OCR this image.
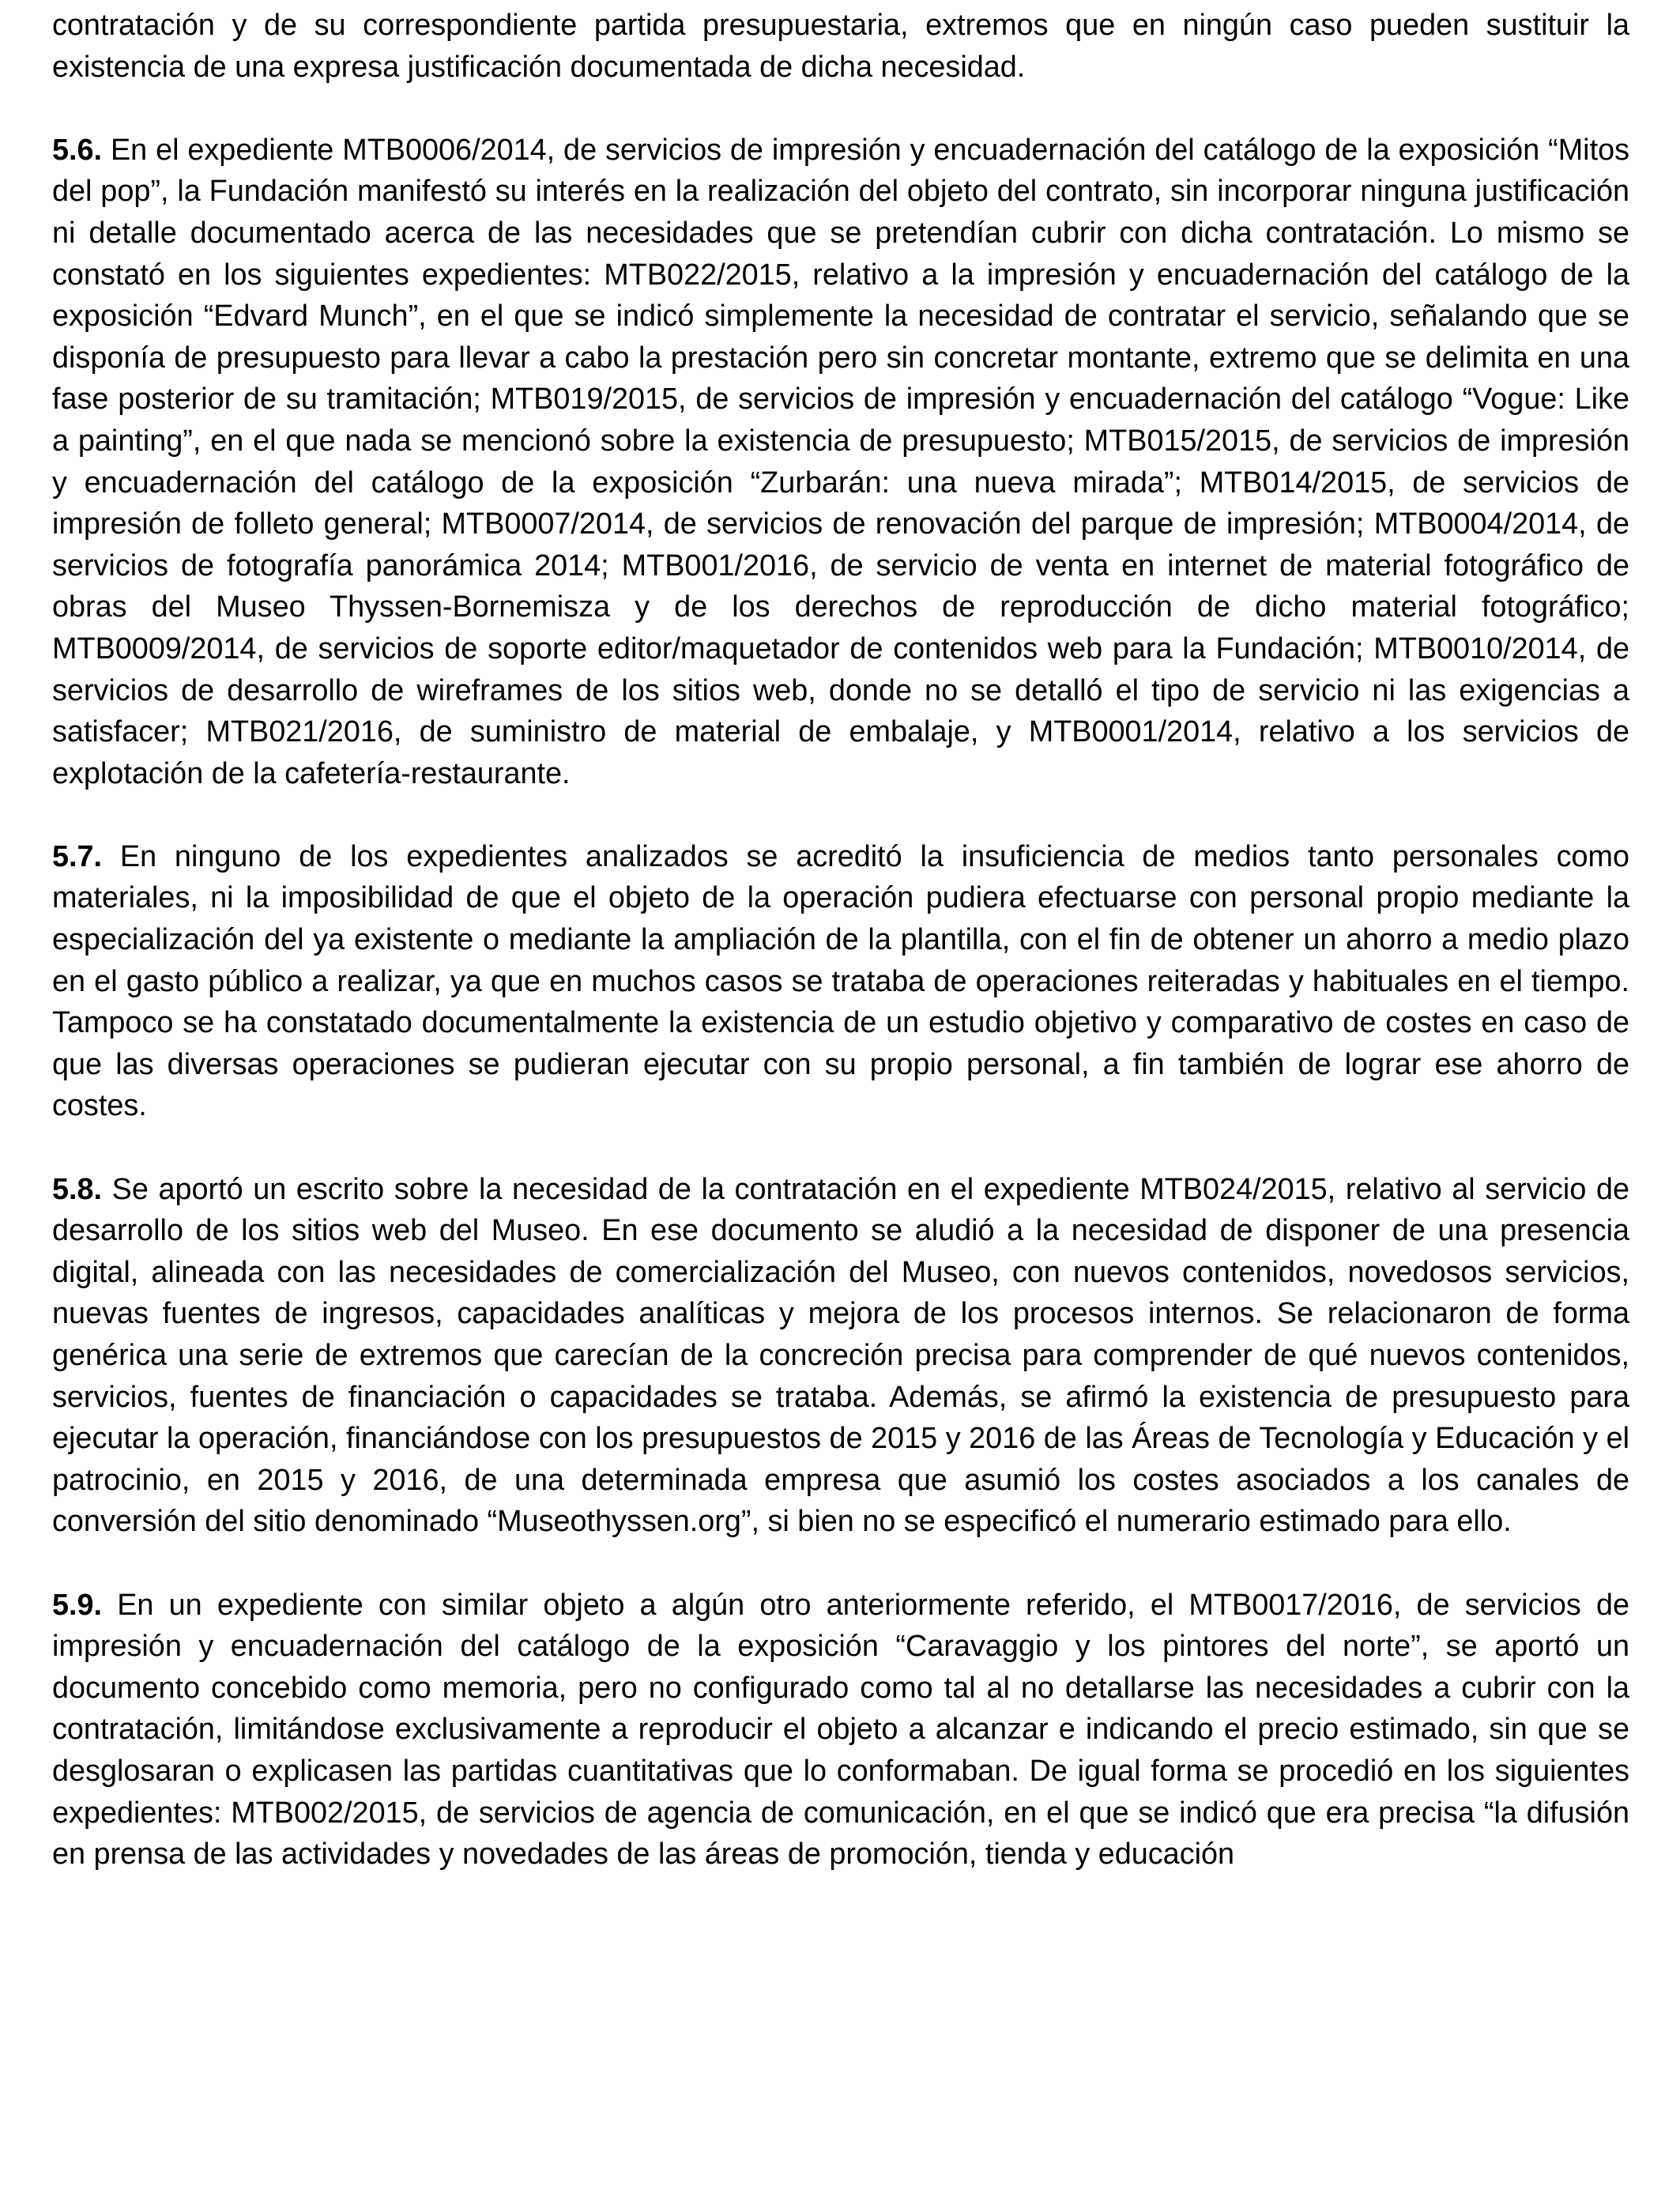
contratación y de su correspondiente partida presupuestaria, extremos que en ningún caso pueden sustituir la existencia de una expresa justificación documentada de dicha necesidad.

5.6. En el expediente MTB0006/2014, de servicios de impresión y encuadernación del catálogo de la exposición “Mitos del pop”, la Fundación manifestó su interés en la realización del objeto del contrato, sin incorporar ninguna justificación ni detalle documentado acerca de las necesidades que se pretendían cubrir con dicha contratación. Lo mismo se constató en los siguientes expedientes: MTB022/2015, relativo a la impresión y encuadernación del catálogo de la exposición “Edvard Munch”, en el que se indicó simplemente la necesidad de contratar el servicio, señalando que se disponía de presupuesto para llevar a cabo la prestación pero sin concretar montante, extremo que se delimita en una fase posterior de su tramitación; MTB019/2015, de servicios de impresión y encuadernación del catálogo “Vogue: Like a painting”, en el que nada se mencionó sobre la existencia de presupuesto; MTB015/2015, de servicios de impresión y encuadernación del catálogo de la exposición “Zurbarán: una nueva mirada”; MTB014/2015, de servicios de impresión de folleto general; MTB0007/2014, de servicios de renovación del parque de impresión; MTB0004/2014, de servicios de fotografía panorámica 2014; MTB001/2016, de servicio de venta en internet de material fotográfico de obras del Museo Thyssen-Bornemisza y de los derechos de reproducción de dicho material fotográfico; MTB0009/2014, de servicios de soporte editor/maquetador de contenidos web para la Fundación; MTB0010/2014, de servicios de desarrollo de wireframes de los sitios web, donde no se detalló el tipo de servicio ni las exigencias a satisfacer; MTB021/2016, de suministro de material de embalaje, y MTB0001/2014, relativo a los servicios de explotación de la cafetería-restaurante.

5.7. En ninguno de los expedientes analizados se acreditó la insuficiencia de medios tanto personales como materiales, ni la imposibilidad de que el objeto de la operación pudiera efectuarse con personal propio mediante la especialización del ya existente o mediante la ampliación de la plantilla, con el fin de obtener un ahorro a medio plazo en el gasto público a realizar, ya que en muchos casos se trataba de operaciones reiteradas y habituales en el tiempo. Tampoco se ha constatado documentalmente la existencia de un estudio objetivo y comparativo de costes en caso de que las diversas operaciones se pudieran ejecutar con su propio personal, a fin también de lograr ese ahorro de costes.

5.8. Se aportó un escrito sobre la necesidad de la contratación en el expediente MTB024/2015, relativo al servicio de desarrollo de los sitios web del Museo. En ese documento se aludió a la necesidad de disponer de una presencia digital, alineada con las necesidades de comercialización del Museo, con nuevos contenidos, novedosos servicios, nuevas fuentes de ingresos, capacidades analíticas y mejora de los procesos internos. Se relacionaron de forma genérica una serie de extremos que carecían de la concreción precisa para comprender de qué nuevos contenidos, servicios, fuentes de financiación o capacidades se trataba. Además, se afirmó la existencia de presupuesto para ejecutar la operación, financiándose con los presupuestos de 2015 y 2016 de las Áreas de Tecnología y Educación y el patrocinio, en 2015 y 2016, de una determinada empresa que asumió los costes asociados a los canales de conversión del sitio denominado “Museothyssen.org”, si bien no se especificó el numerario estimado para ello.

5.9. En un expediente con similar objeto a algún otro anteriormente referido, el MTB0017/2016, de servicios de impresión y encuadernación del catálogo de la exposición “Caravaggio y los pintores del norte”, se aportó un documento concebido como memoria, pero no configurado como tal al no detallarse las necesidades a cubrir con la contratación, limitándose exclusivamente a reproducir el objeto a alcanzar e indicando el precio estimado, sin que se desglosaran o explicasen las partidas cuantitativas que lo conformaban. De igual forma se procedió en los siguientes expedientes: MTB002/2015, de servicios de agencia de comunicación, en el que se indicó que era precisa “la difusión en prensa de las actividades y novedades de las áreas de promoción, tienda y educación
